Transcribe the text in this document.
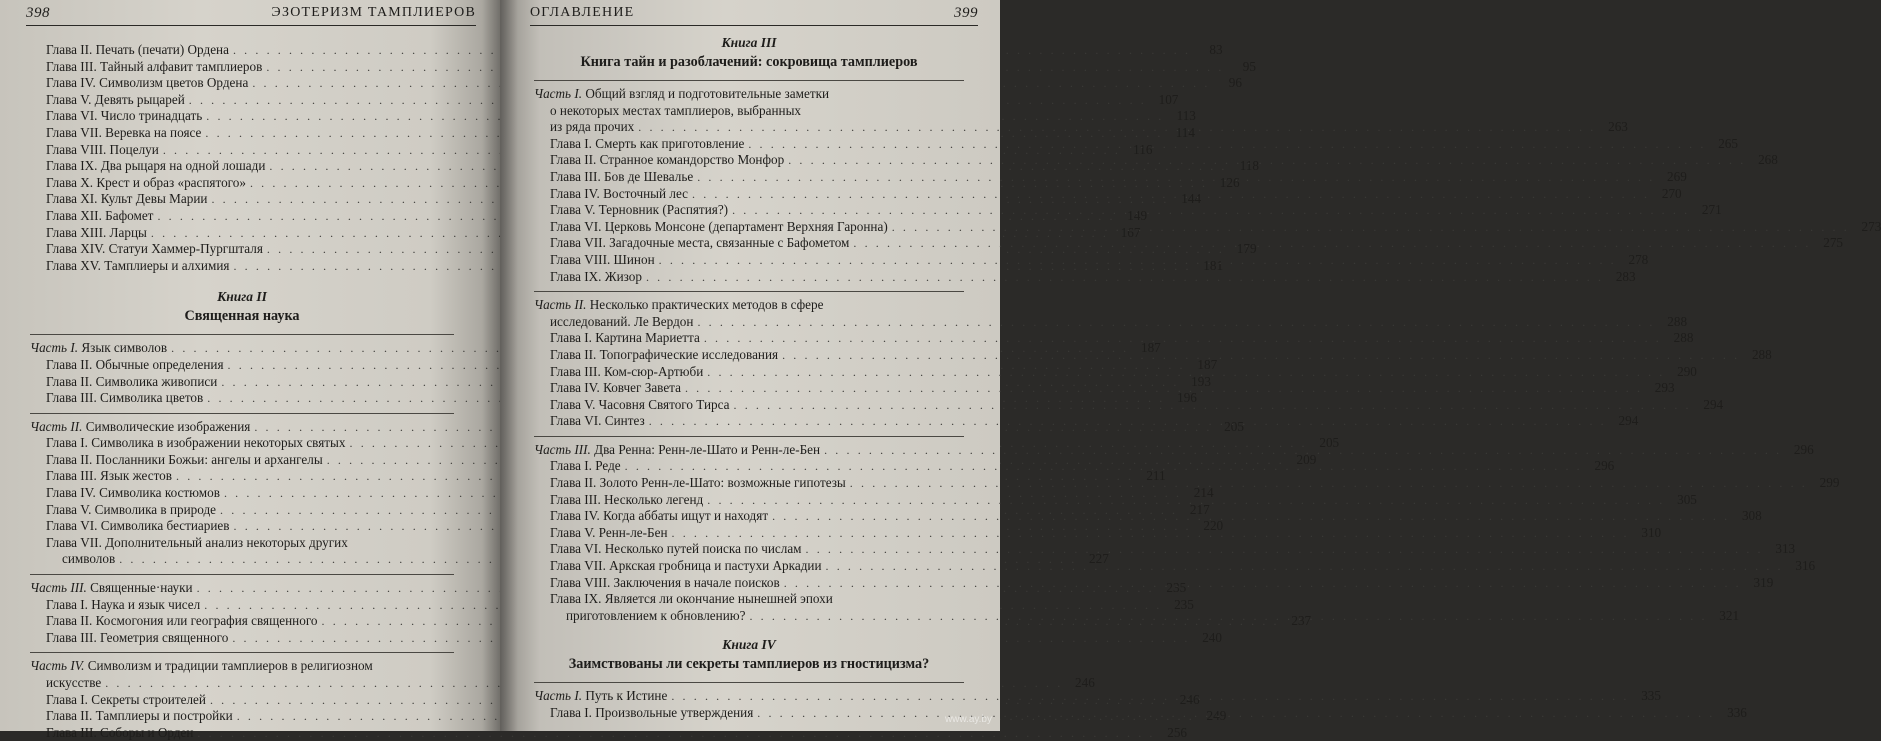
398	ЭЗОТЕРИЗМ ТАМПЛИЕРОВ
Глава II. Печать (печати) Ордена . . .	83
Глава III. Тайный алфавит тамплиеров . . .	95
Глава IV. Символизм цветов Ордена . . .	96
Глава V. Девять рыцарей . . .	107
Глава VI. Число тринадцать . . .	113
Глава VII. Веревка на поясе . . .	114
Глава VIII. Поцелуи . . .	116
Глава IX. Два рыцаря на одной лошади . . .	118
Глава X. Крест и образ «распятого» . . .	126
Глава XI. Культ Девы Марии . . .	144
Глава XII. Бафомет . . .	149
Глава XIII. Ларцы . . .	167
Глава XIV. Статуи Хаммер-Пургшталя . . .	179
Глава XV. Тамплиеры и алхимия . . .	181
Книга II
Священная наука
Часть I. Язык символов . . .	187
Глава II. Обычные определения . . .	187
Глава II. Символика живописи . . .	193
Глава III. Символика цветов . . .	196
Часть II. Символические изображения . . .	205
Глава I. Символика в изображении некоторых святых . . .	205
Глава II. Посланники Божьи: ангелы и архангелы . . .	209
Глава III. Язык жестов . . .	211
Глава IV. Символика костюмов . . .	214
Глава V. Символика в природе . . .	217
Глава VI. Символика бестиариев . . .	220
Глава VII. Дополнительный анализ некоторых других
символов . . .	227
Часть III. Священные·науки . . .	235
Глава I. Наука и язык чисел . . .	235
Глава II. Космогония или география священного . . .	237
Глава III. Геометрия священного . . .	240
Часть IV. Символизм и традиции тамплиеров в религиозном
искусстве . . .	246
Глава I. Секреты строителей . . .	246
Глава II. Тамплиеры и постройки . . .	249
Глава III. Соборы и Орден . . .	256
ОГЛАВЛЕНИЕ	399
Книга III
Книга тайн и разоблачений: сокровища тамплиеров
Часть I. Общий взгляд и подготовительные заметки
о некоторых местах тамплиеров, выбранных
из ряда прочих . . .	263
Глава I. Смерть как приготовление . . .	265
Глава II. Странное командорство Монфор . . .	268
Глава III. Бов де Шевалье . . .	269
Глава IV. Восточный лес . . .	270
Глава V. Терновник (Распятия?) . . .	271
Глава VI. Церковь Монсоне (департамент Верхняя Гаронна) . . .	273
Глава VII. Загадочные места, связанные с Бафометом . . .	275
Глава VIII. Шинон . . .	278
Глава IX. Жизор . . .	283
Часть II. Несколько практических методов в сфере
исследований. Ле Вердон . . .	288
Глава I. Картина Мариетта . . .	288
Глава II. Топографические исследования . . .	288
Глава III. Ком-сюр-Артюби . . .	290
Глава IV. Ковчег Завета . . .	293
Глава V. Часовня Святого Тирса . . .	294
Глава VI. Синтез . . .	294
Часть III. Два Ренна: Ренн-ле-Шато и Ренн-ле-Бен . . .	296
Глава I. Реде . . .	296
Глава II. Золото Ренн-ле-Шато: возможные гипотезы . . .	299
Глава III. Несколько легенд . . .	305
Глава IV. Когда аббаты ищут и находят . . .	308
Глава V. Ренн-ле-Бен . . .	310
Глава VI. Несколько путей поиска по числам . . .	313
Глава VII. Аркская гробница и пастухи Аркадии . . .	316
Глава VIII. Заключения в начале поисков . . .	319
Глава IX. Является ли окончание нынешней эпохи
приготовлением к обновлению? . . .	321
Книга IV
Заимствованы ли секреты тамплиеров из гностицизма?
Часть I. Путь к Истине . . .	335
Глава I. Произвольные утверждения . . .	336
www.ay.by
